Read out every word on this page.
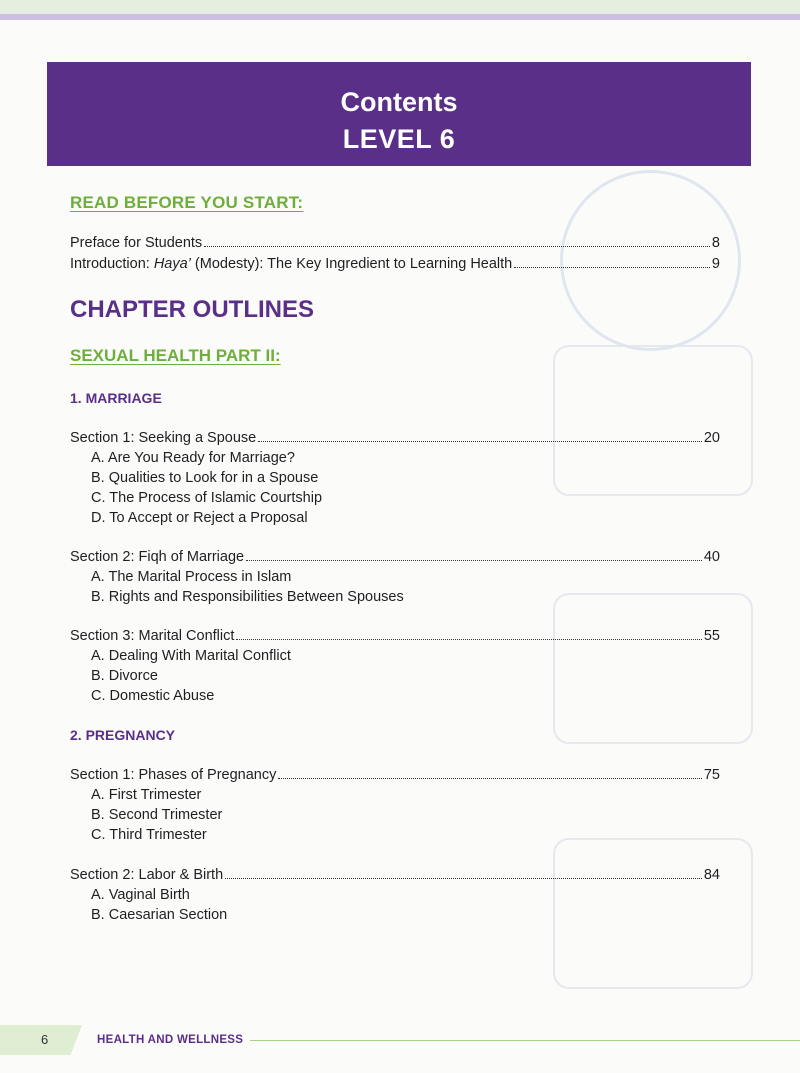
Contents
LEVEL 6
READ BEFORE YOU START:
Preface for Students	8
Introduction: Haya’ (Modesty): The Key Ingredient to Learning Health	9
CHAPTER OUTLINES
SEXUAL HEALTH PART II:
1. MARRIAGE
Section 1: Seeking a Spouse	20
A. Are You Ready for Marriage?
B. Qualities to Look for in a Spouse
C. The Process of Islamic Courtship
D. To Accept or Reject a Proposal
Section 2: Fiqh of Marriage	40
A. The Marital Process in Islam
B. Rights and Responsibilities Between Spouses
Section 3: Marital Conflict	55
A. Dealing With Marital Conflict
B. Divorce
C. Domestic Abuse
2. PREGNANCY
Section 1: Phases of Pregnancy	75
A. First Trimester
B. Second Trimester
C. Third Trimester
Section 2: Labor & Birth	84
A. Vaginal Birth
B. Caesarian Section
6	HEALTH AND WELLNESS
